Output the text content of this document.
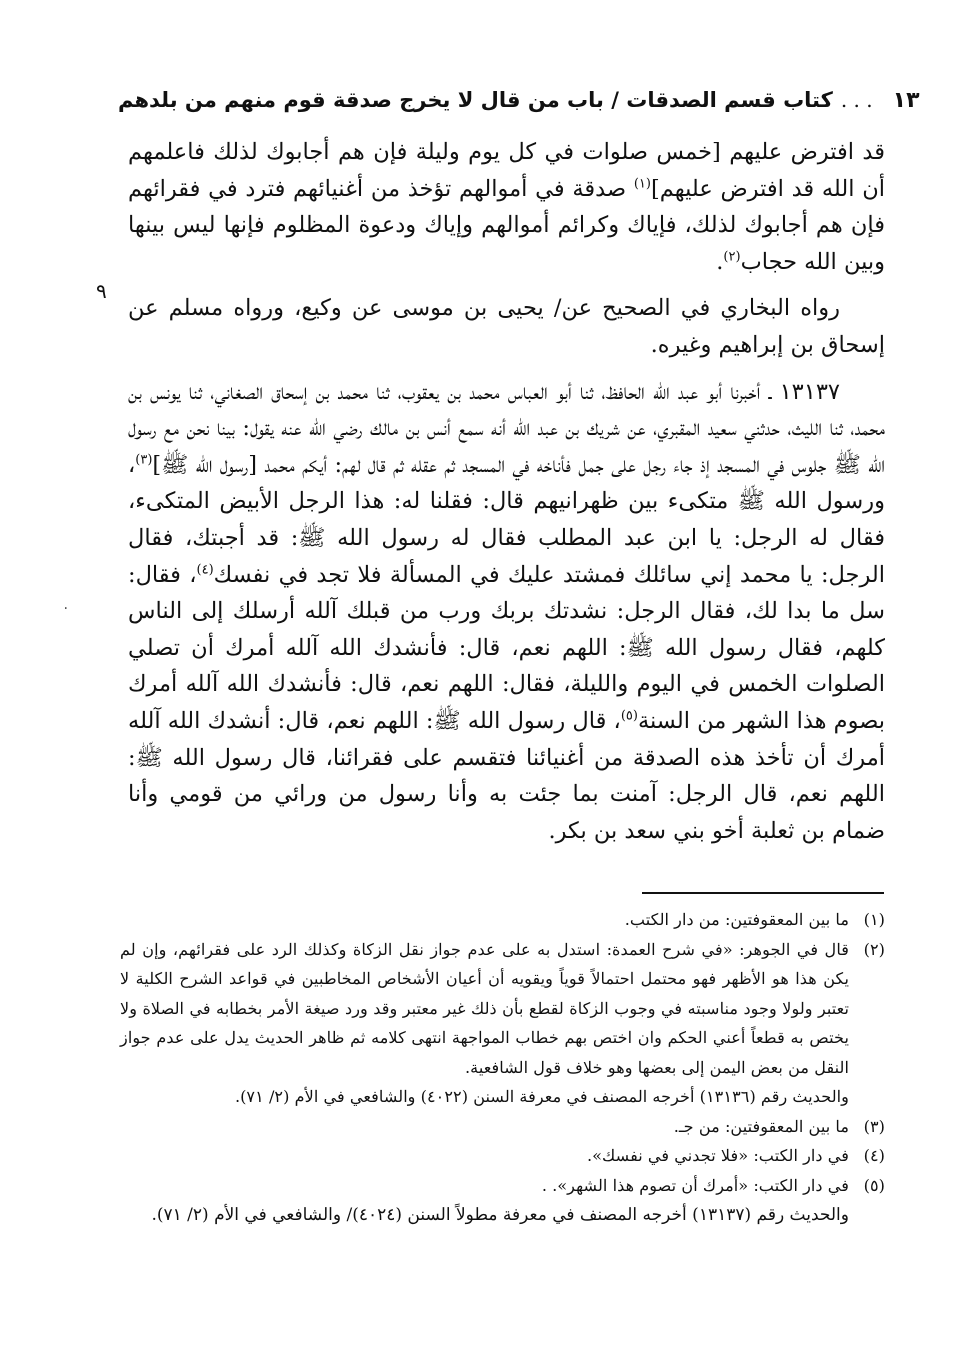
كتاب قسم الصدقات / باب من قال لا يخرج صدقة قوم منهم من بلدهم . . . ١٣
٩
٠

قد افترض عليهم [خمس صلوات في كل يوم وليلة فإن هم أجابوك لذلك فاعلمهم أن الله قد افترض عليهم]$^{(١)}$ صدقة في أموالهم تؤخذ من أغنيائهم فترد في فقرائهم فإن هم أجابوك لذلك، فإياك وكرائم أموالهم وإياك ودعوة المظلوم فإنها ليس بينها وبين الله حجاب$^{(٢)}$.

رواه البخاري في الصحيح عن/ يحيى بن موسى عن وكيع، ورواه مسلم عن إسحاق بن إبراهيم وغيره.

١٣١٣٧ ـ أخبرنا أبو عبد الله الحافظ، ثنا أبو العباس محمد بن يعقوب، ثنا محمد بن إسحاق الصغاني، ثنا يونس بن محمد، ثنا الليث، حدثني سعيد المقبري، عن شريك بن عبد الله أنه سمع أنس بن مالك رضي الله عنه يقول: بينا نحن مع رسول الله ﷺ جلوس في المسجد إذ جاء رجل على جمل فأناخه في المسجد ثم عقله ثم قال لهم: أيكم محمد [رسول الله ﷺ]$^{(٣)}$، ورسول الله ﷺ متكىء بين ظهرانيهم قال: فقلنا له: هذا الرجل الأبيض المتكىء، فقال له الرجل: يا ابن عبد المطلب فقال له رسول الله ﷺ: قد أجبتك، فقال الرجل: يا محمد إني سائلك فمشتد عليك في المسألة فلا تجد في نفسك$^{(٤)}$، فقال: سل ما بدا لك، فقال الرجل: نشدتك بربك ورب من قبلك آلله أرسلك إلى الناس كلهم، فقال رسول الله ﷺ: اللهم نعم، قال: فأنشدك الله آلله أمرك أن تصلي الصلوات الخمس في اليوم والليلة، فقال: اللهم نعم، قال: فأنشدك الله آلله أمرك بصوم هذا الشهر من السنة$^{(٥)}$، قال رسول الله ﷺ: اللهم نعم، قال: أنشدك الله آلله أمرك أن تأخذ هذه الصدقة من أغنيائنا فتقسم على فقرائنا، قال رسول الله ﷺ: اللهم نعم، قال الرجل: آمنت بما جئت به وأنا رسول من ورائي من قومي وأنا ضمام بن ثعلبة أخو بني سعد بن بكر.

(١)ما بين المعقوفتين: من دار الكتب.

(٢)قال في الجوهر: «في شرح العمدة: استدل به على عدم جواز نقل الزكاة وكذلك الرد على فقرائهم، وإن لم يكن هذا هو الأظهر فهو محتمل احتمالاً قوياً ويقويه أن أعيان الأشخاص المخاطبين في قواعد الشرح الكلية لا تعتبر ولولا وجود مناسبته في وجوب الزكاة لقطع بأن ذلك غير معتبر وقد ورد صيغة الأمر بخطابه في الصلاة ولا يختص به قطعاً أعني الحكم وان اختص بهم خطاب المواجهة انتهى كلامه ثم ظاهر الحديث يدل على عدم جواز النقل من بعض اليمن إلى بعضها وهو خلاف قول الشافعية.

والحديث رقم (١٣١٣٦) أخرجه المصنف في معرفة السنن (٤٠٢٢) والشافعي في الأم (٢/ ٧١).

(٣)ما بين المعقوفتين: من جـ.

(٤)في دار الكتب: «فلا تجدني في نفسك».

(٥)في دار الكتب: «أمرك أن تصوم هذا الشهر». .

والحديث رقم (١٣١٣٧) أخرجه المصنف في معرفة مطولاً السنن (٤٠٢٤)/ والشافعي في الأم (٢/ ٧١).
